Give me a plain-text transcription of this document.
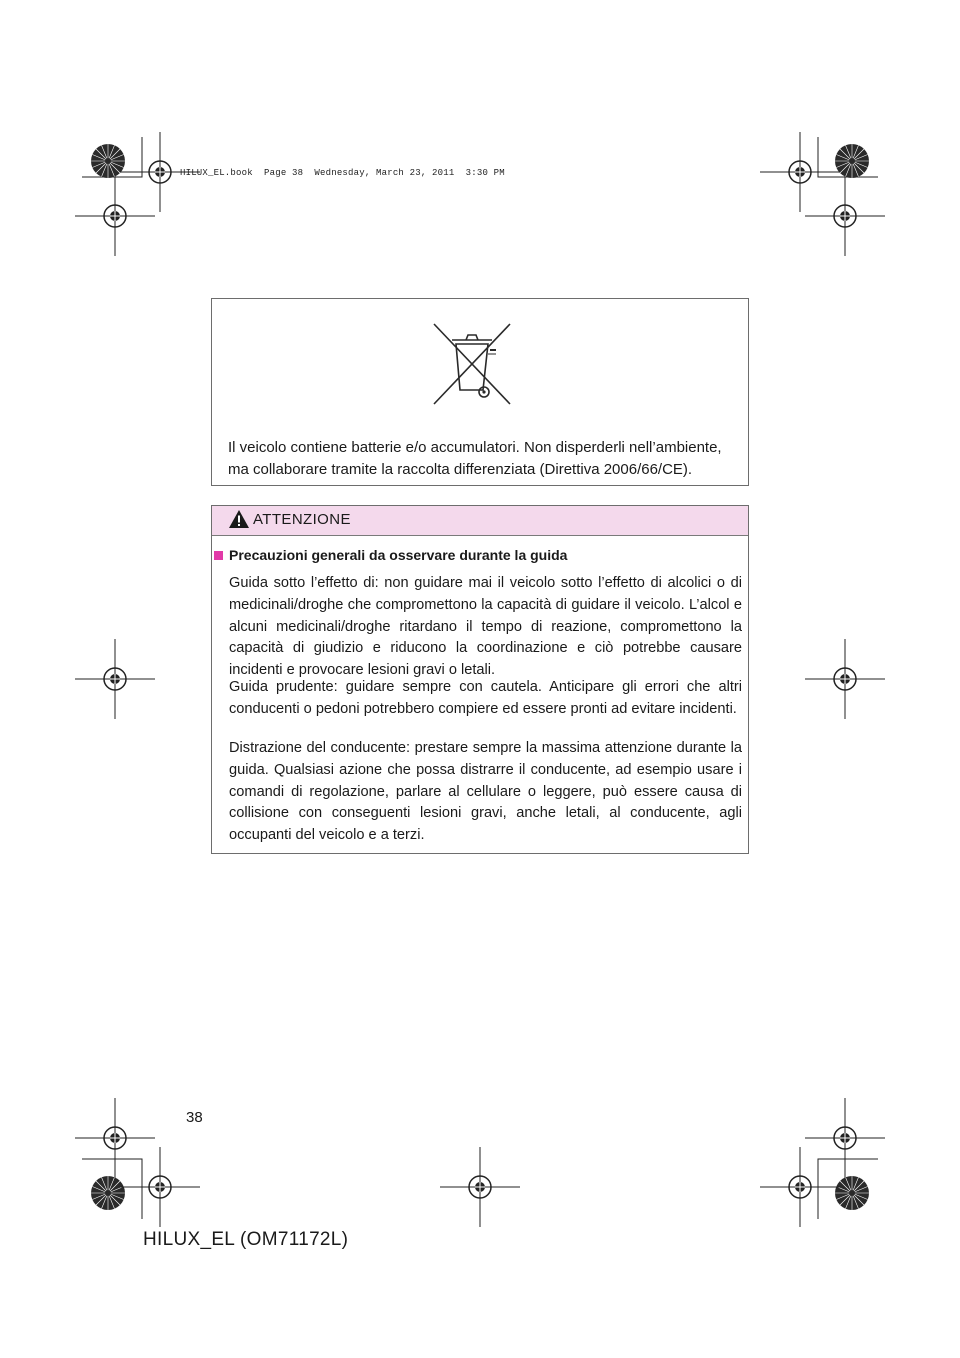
HILUX_EL.book  Page 38  Wednesday, March 23, 2011  3:30 PM
Il veicolo contiene batterie e/o accumulatori. Non disperderli nell’ambiente, ma collaborare tramite la raccolta differenziata (Direttiva 2006/66/CE).
ATTENZIONE
Precauzioni generali da osservare durante la guida
Guida sotto l’effetto di: non guidare mai il veicolo sotto l’effetto di alcolici o di medicinali/droghe che compromettono la capacità di guidare il veicolo. L’alcol e alcuni medicinali/droghe ritardano il tempo di reazione, compromettono la capacità di giudizio e riducono la coordinazione e ciò potrebbe causare incidenti e provocare lesioni gravi o letali.
Guida prudente: guidare sempre con cautela. Anticipare gli errori che altri conducenti o pedoni potrebbero compiere ed essere pronti ad evitare incidenti.
Distrazione del conducente: prestare sempre la massima attenzione durante la guida. Qualsiasi azione che possa distrarre il conducente, ad esempio usare i comandi di regolazione, parlare al cellulare o leggere, può essere causa di collisione con conseguenti lesioni gravi, anche letali, al conducente, agli occupanti del veicolo e a terzi.
38
HILUX_EL (OM71172L)
